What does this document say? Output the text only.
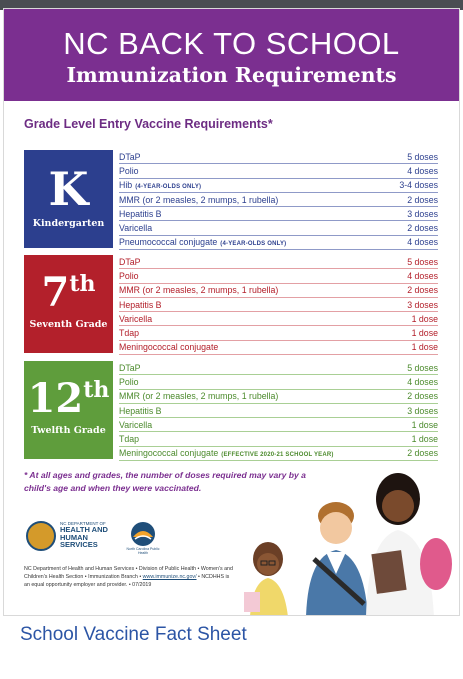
NC BACK TO SCHOOL
Immunization Requirements
Grade Level Entry Vaccine Requirements*
K
Kindergarten
DTaP	5 doses
Polio	4 doses
Hib (4-YEAR-OLDS ONLY)	3-4 doses
MMR (or 2 measles, 2 mumps, 1 rubella)	2 doses
Hepatitis B	3 doses
Varicella	2 doses
Pneumococcal conjugate (4-YEAR-OLDS ONLY)	4 doses
7th
Seventh Grade
DTaP	5 doses
Polio	4 doses
MMR (or 2 measles, 2 mumps, 1 rubella)	2 doses
Hepatitis B	3 doses
Varicella	1 dose
Tdap	1 dose
Meningococcal conjugate	1 dose
12th
Twelfth Grade
DTaP	5 doses
Polio	4 doses
MMR (or 2 measles, 2 mumps, 1 rubella)	2 doses
Hepatitis B	3 doses
Varicella	1 dose
Tdap	1 dose
Meningococcal conjugate (EFFECTIVE 2020-21 SCHOOL YEAR)	2 doses
* At all ages and grades, the number of doses required may vary by a child's age and when they were vaccinated.
NC DEPARTMENT OF
HEALTH AND HUMAN SERVICES	North Carolina Public Health
NC Department of Health and Human Services • Division of Public Health • Women's and Children's Health Section • Immunization Branch • www.immunize.nc.gov/ • NCDHHS is an equal opportunity employer and provider. • 07/2019
School Vaccine Fact Sheet
